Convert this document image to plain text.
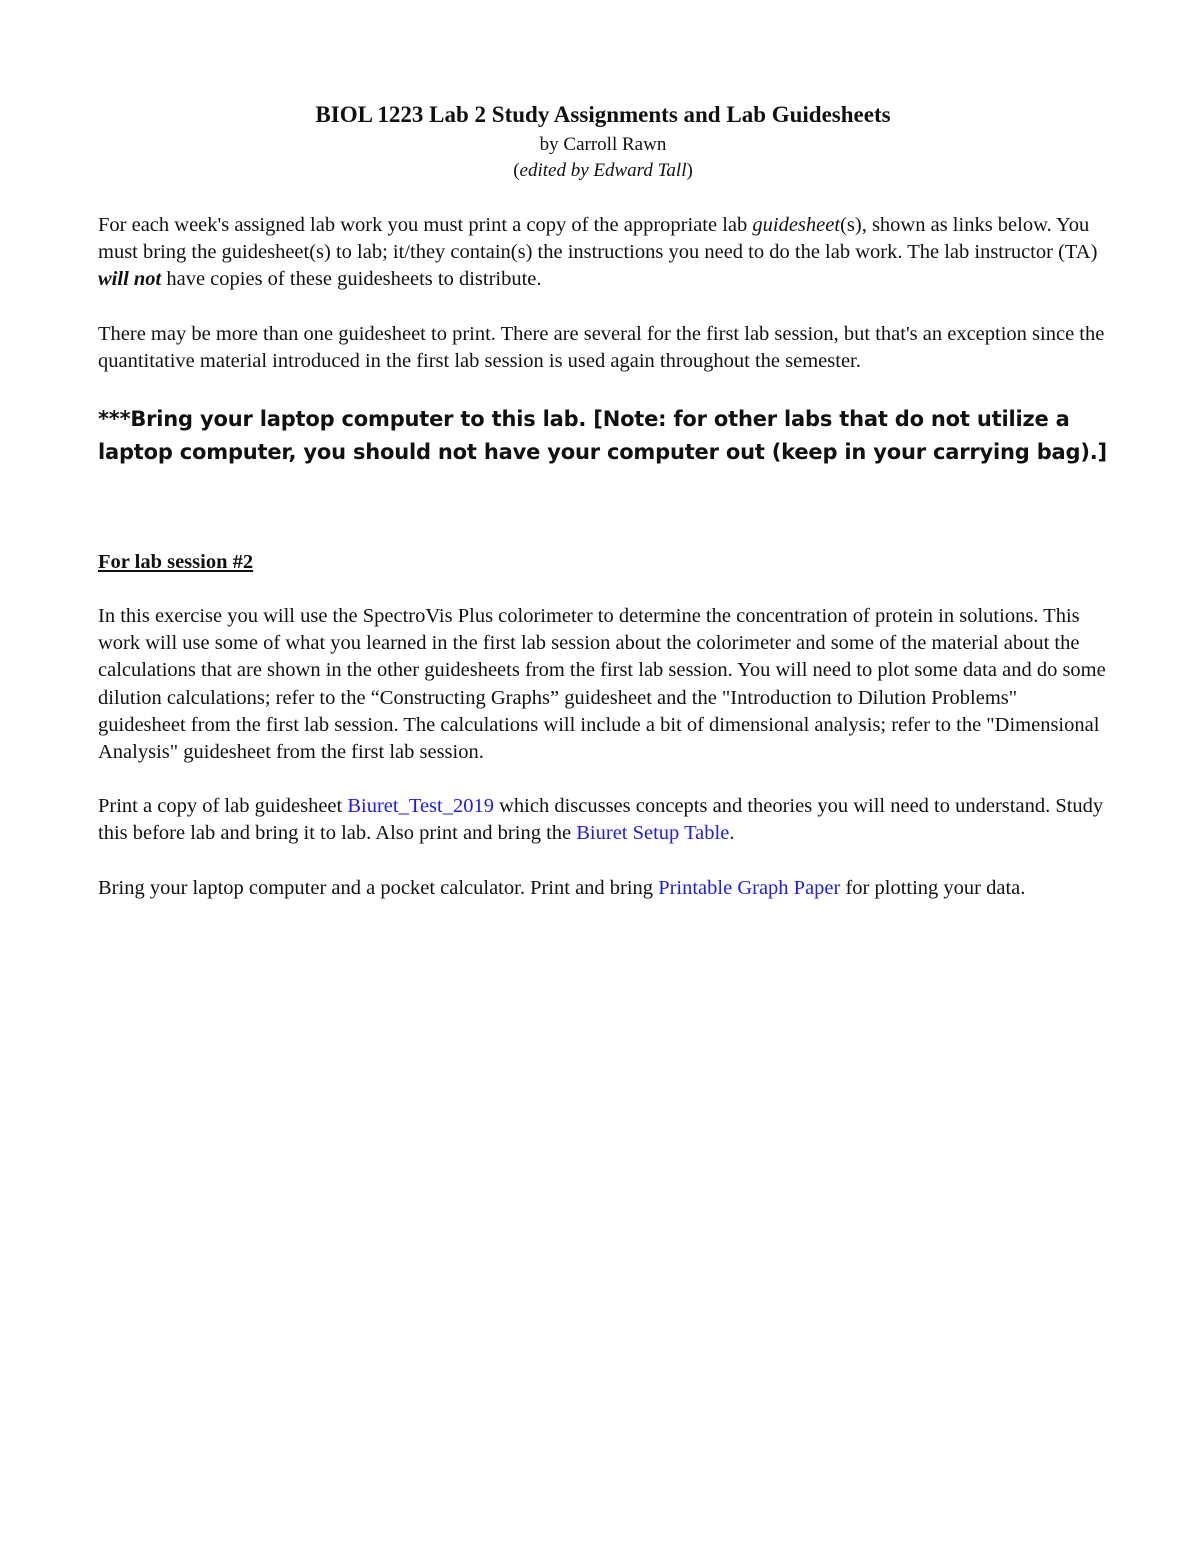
BIOL 1223 Lab 2 Study Assignments and Lab Guidesheets
by Carroll Rawn
(edited by Edward Tall)

For each week's assigned lab work you must print a copy of the appropriate lab guidesheet(s), shown as links below. You must bring the guidesheet(s) to lab; it/they contain(s) the instructions you need to do the lab work. The lab instructor (TA) will not have copies of these guidesheets to distribute.

There may be more than one guidesheet to print. There are several for the first lab session, but that's an exception since the quantitative material introduced in the first lab session is used again throughout the semester.

***Bring your laptop computer to this lab. [Note: for other labs that do not utilize a laptop computer, you should not have your computer out (keep in your carrying bag).]

For lab session #2

In this exercise you will use the SpectroVis Plus colorimeter to determine the concentration of protein in solutions. This work will use some of what you learned in the first lab session about the colorimeter and some of the material about the calculations that are shown in the other guidesheets from the first lab session. You will need to plot some data and do some dilution calculations; refer to the “Constructing Graphs” guidesheet and the "Introduction to Dilution Problems" guidesheet from the first lab session. The calculations will include a bit of dimensional analysis; refer to the "Dimensional Analysis" guidesheet from the first lab session.

Print a copy of lab guidesheet Biuret_Test_2019 which discusses concepts and theories you will need to understand. Study this before lab and bring it to lab. Also print and bring the Biuret Setup Table.

Bring your laptop computer and a pocket calculator. Print and bring Printable Graph Paper for plotting your data.
